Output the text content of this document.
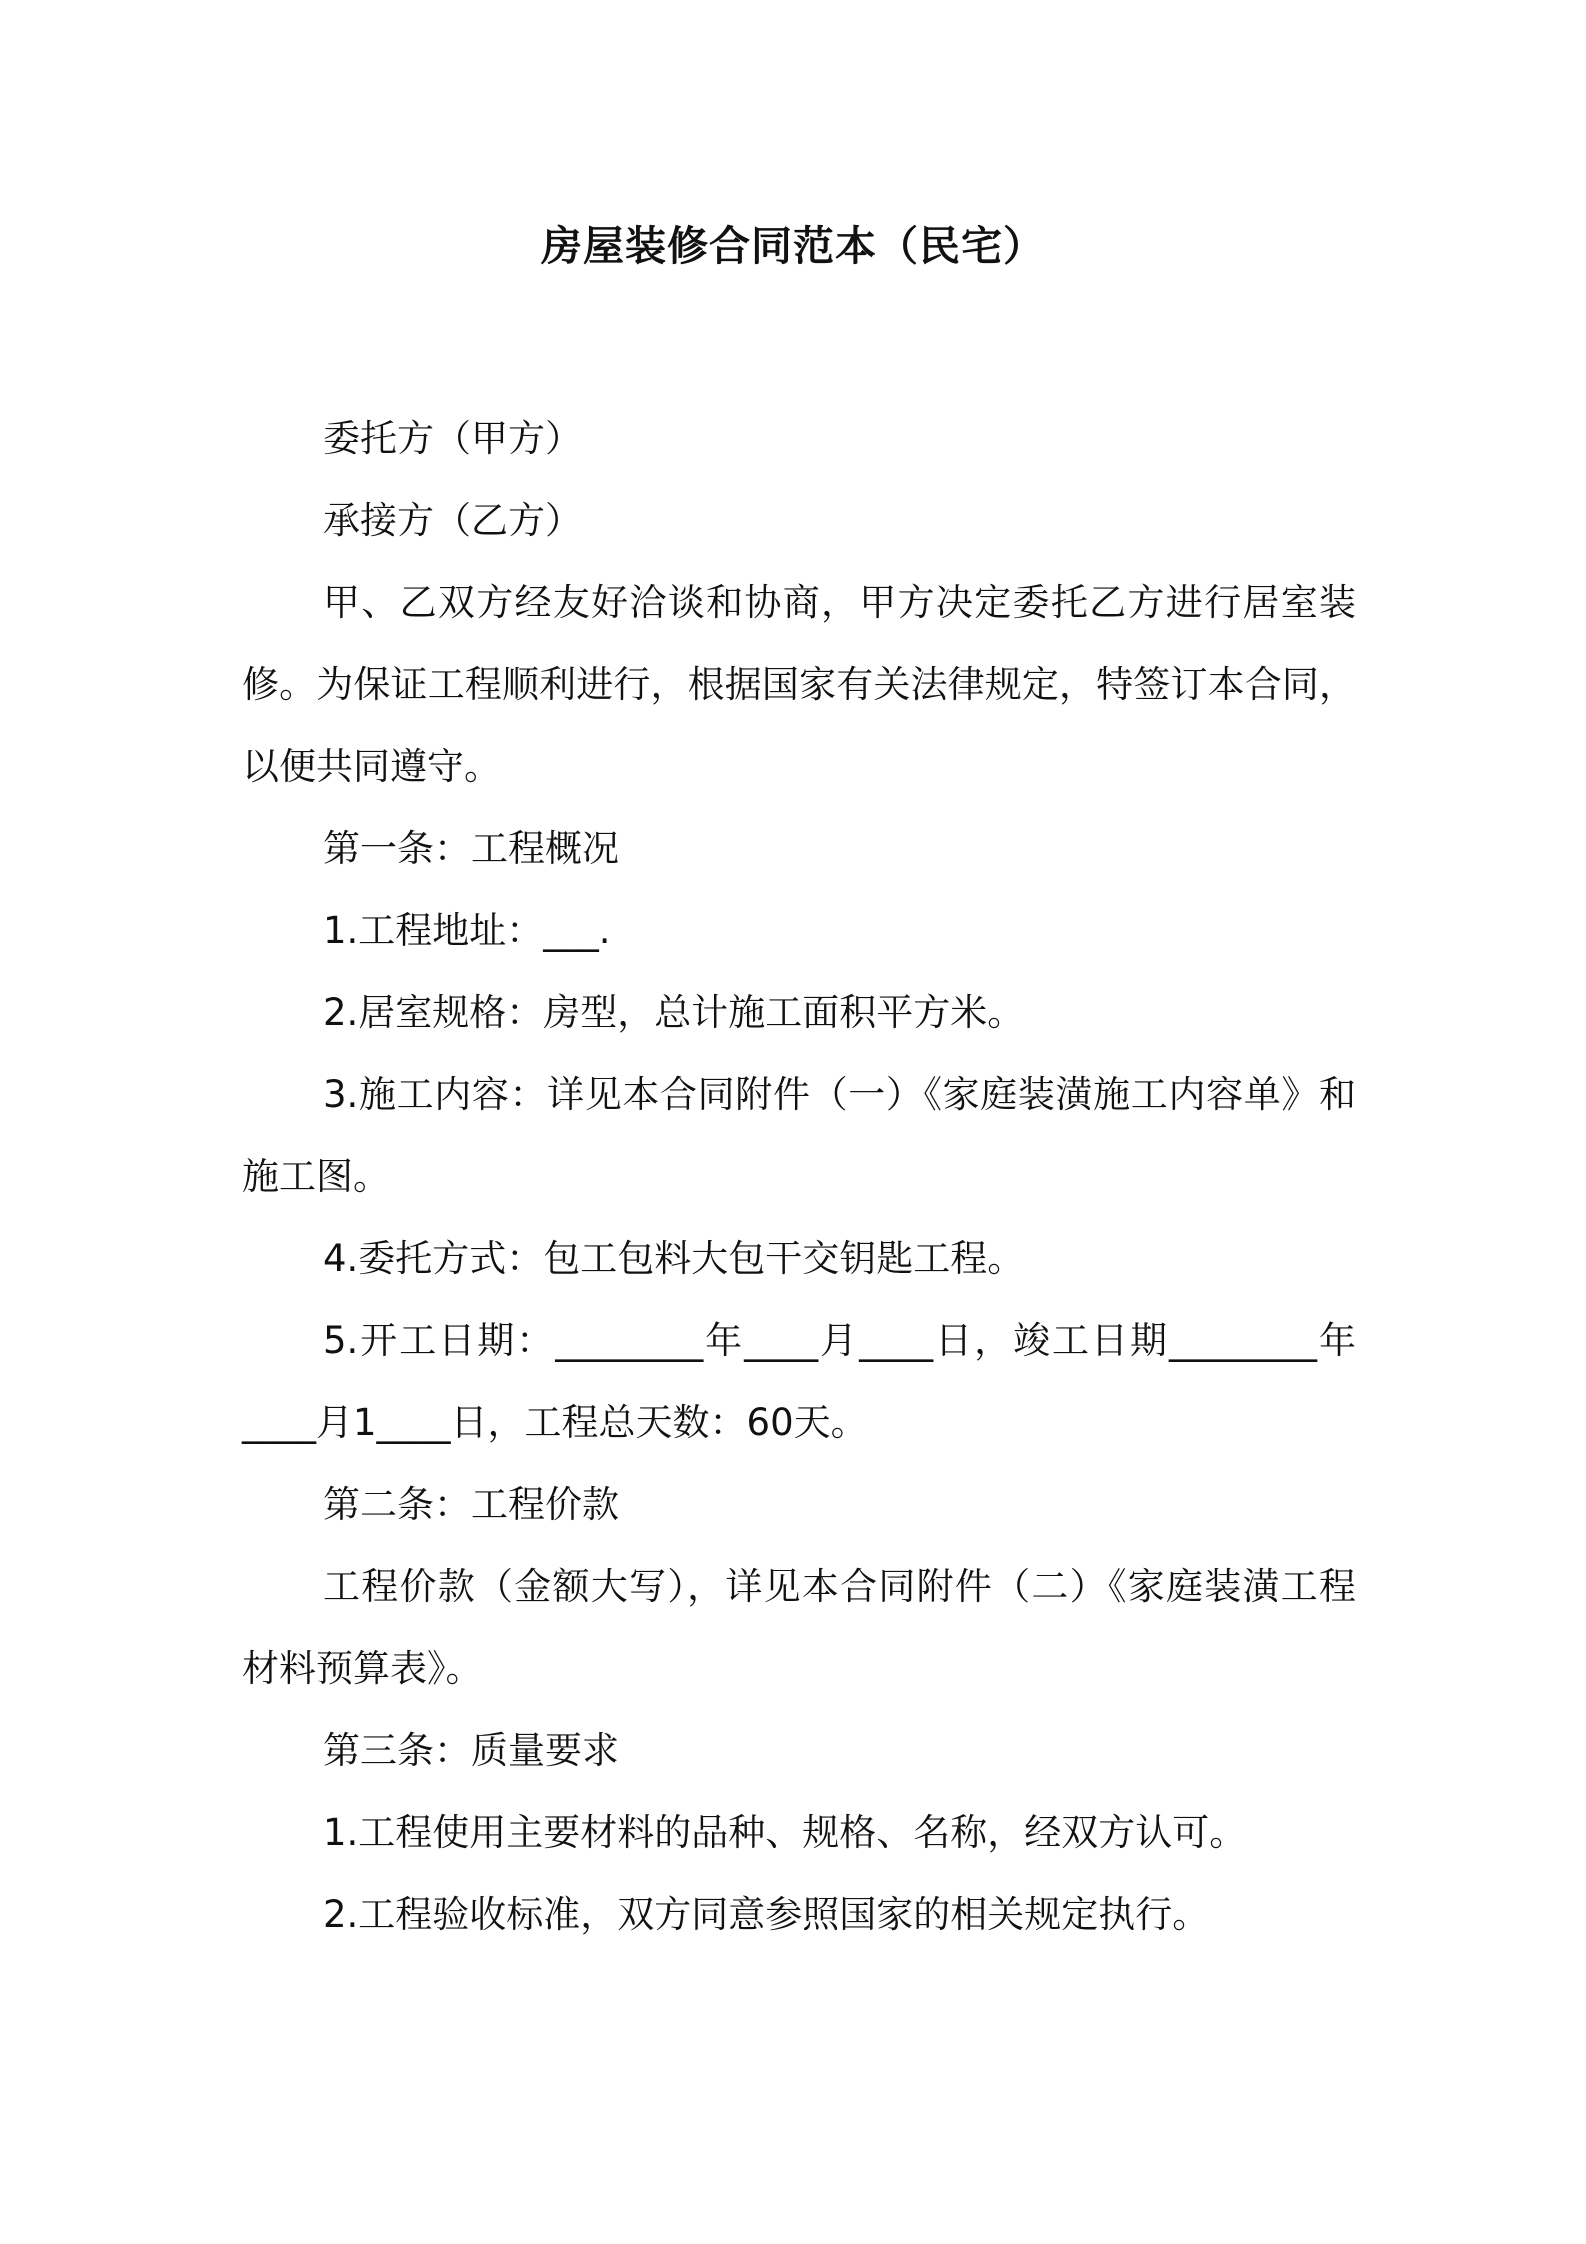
房屋装修合同范本（民宅）

委托方（甲方）

承接方（乙方）

甲、乙双方经友好洽谈和协商，甲方决定委托乙方进行居室装修。为保证工程顺利进行，根据国家有关法律规定，特签订本合同，以便共同遵守。

第一条：工程概况

1.工程地址：___.

2.居室规格：房型，总计施工面积平方米。

3.施工内容：详见本合同附件（一）《家庭装潢施工内容单》和施工图。

4.委托方式：包工包料大包干交钥匙工程。

5.开工日期：________年____月____日，竣工日期________年____月1____日，工程总天数：60天。

第二条：工程价款

工程价款（金额大写），详见本合同附件（二）《家庭装潢工程材料预算表》。

第三条：质量要求

1.工程使用主要材料的品种、规格、名称，经双方认可。

2.工程验收标准，双方同意参照国家的相关规定执行。
